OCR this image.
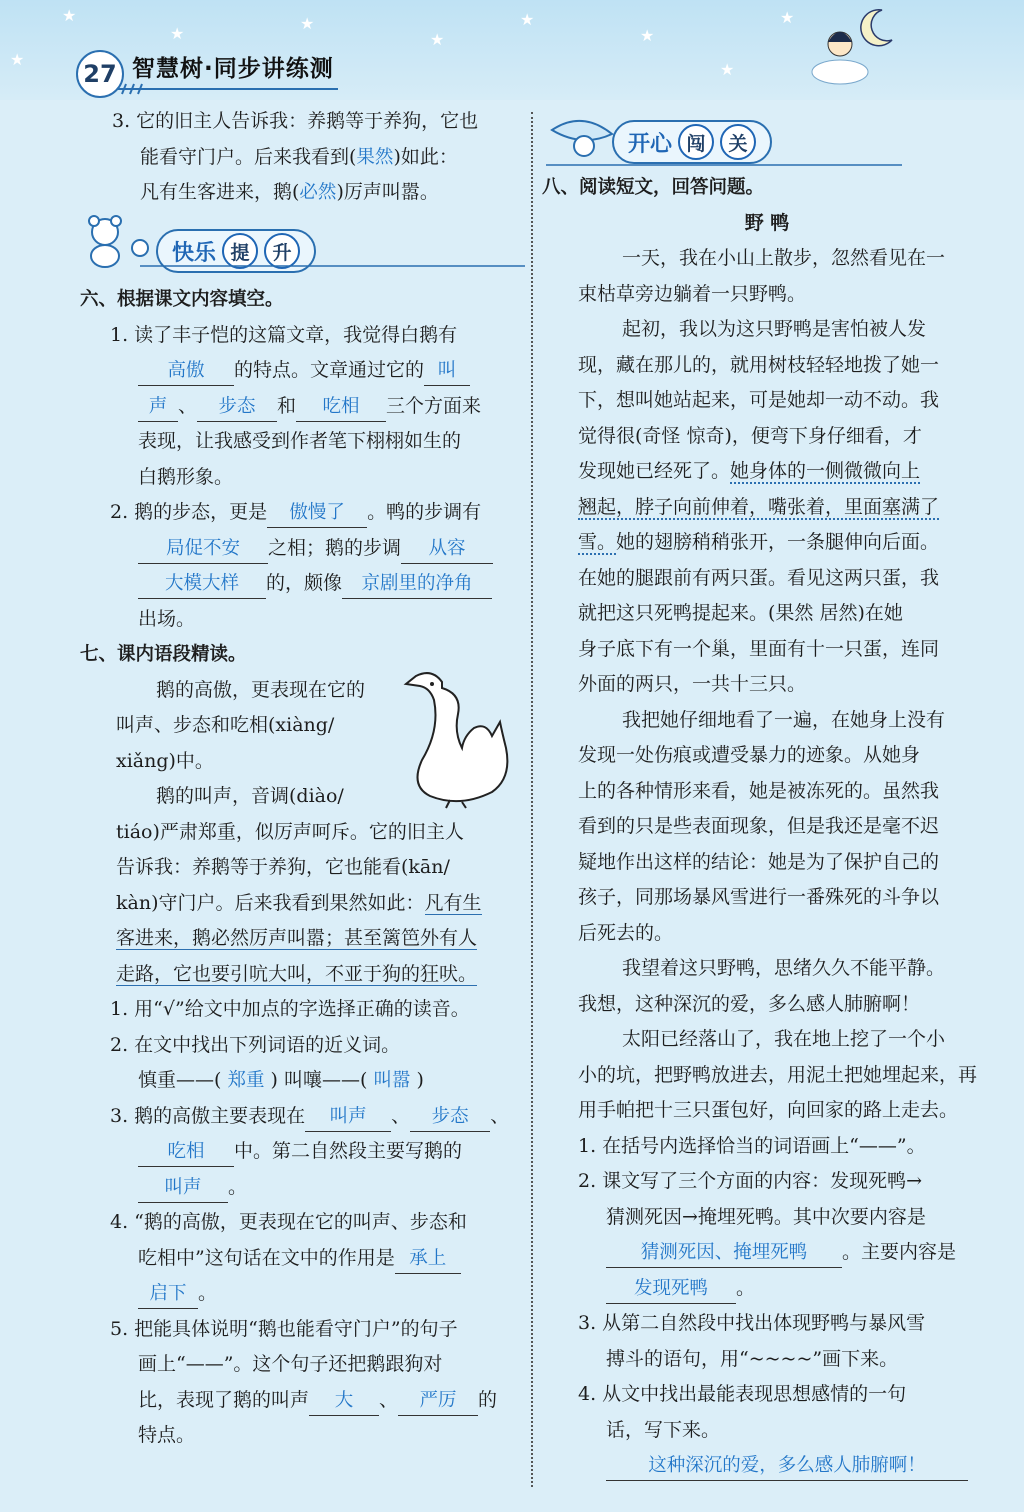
★
★
★
★
★
★
★
★
★
27 智慧树·同步讲练测

3. 它的旧主人告诉我：养鹅等于养狗，它也

能看守门户。后来我看到(果然)如此：

凡有生客进来，鹅(必然)厉声叫嚣。

快乐 提	升

六、根据课文内容填空。

1. 读了丰子恺的这篇文章，我觉得白鹅有

高傲 的特点。文章通过它的 叫

声 、 步态 和 吃相 三个方面来

表现，让我感受到作者笔下栩栩如生的

白鹅形象。

2. 鹅的步态，更是 傲慢了 。鸭的步调有

局促不安 之相；鹅的步调 从容

大模大样 的，颇像 京剧里的净角

出场。

七、课内语段精读。

鹅的高傲，更表现在它的

叫声、步态和吃相(xiàng/

xiǎng)中。

鹅的叫声，音调(diào/

tiáo)严肃郑重，似厉声呵斥。它的旧主人

告诉我：养鹅等于养狗，它也能看(kān/

kàn)守门户。后来我看到果然如此：凡有生

客进来，鹅必然厉声叫嚣；甚至篱笆外有人

走路，它也要引吭大叫，不亚于狗的狂吠。

1. 用“√”给文中加点的字选择正确的读音。

2. 在文中找出下列词语的近义词。

慎重——( 郑重 ) 叫嚷——( 叫嚣 )

3. 鹅的高傲主要表现在 叫声 、 步态 、

吃相 中。第二自然段主要写鹅的

叫声 。

4. “鹅的高傲，更表现在它的叫声、步态和

吃相中”这句话在文中的作用是 承上

启下 。

5. 把能具体说明“鹅也能看守门户”的句子

画上“——”。这个句子还把鹅跟狗对

比，表现了鹅的叫声 大 、 严厉 的

特点。

开心 闯	关

八、阅读短文，回答问题。

野 鸭

一天，我在小山上散步，忽然看见在一

束枯草旁边躺着一只野鸭。

起初，我以为这只野鸭是害怕被人发

现，藏在那儿的，就用树枝轻轻地拨了她一

下，想叫她站起来，可是她却一动不动。我

觉得很(奇怪 惊奇)，便弯下身仔细看，才

发现她已经死了。她身体的一侧微微向上

翘起，脖子向前伸着，嘴张着，里面塞满了

雪。她的翅膀稍稍张开，一条腿伸向后面。

在她的腿跟前有两只蛋。看见这两只蛋，我

就把这只死鸭提起来。(果然 居然)在她

身子底下有一个巢，里面有十一只蛋，连同

外面的两只，一共十三只。

我把她仔细地看了一遍，在她身上没有

发现一处伤痕或遭受暴力的迹象。从她身

上的各种情形来看，她是被冻死的。虽然我

看到的只是些表面现象，但是我还是毫不迟

疑地作出这样的结论：她是为了保护自己的

孩子，同那场暴风雪进行一番殊死的斗争以

后死去的。

我望着这只野鸭，思绪久久不能平静。

我想，这种深沉的爱，多么感人肺腑啊！

太阳已经落山了，我在地上挖了一个小

小的坑，把野鸭放进去，用泥土把她埋起来，再

用手帕把十三只蛋包好，向回家的路上走去。

1. 在括号内选择恰当的词语画上“——”。

2. 课文写了三个方面的内容：发现死鸭→

猜测死因→掩埋死鸭。其中次要内容是

猜测死因、掩埋死鸭 。主要内容是

发现死鸭 。

3. 从第二自然段中找出体现野鸭与暴风雪

搏斗的语句，用“~~~~”画下来。

4. 从文中找出最能表现思想感情的一句

话，写下来。

这种深沉的爱，多么感人肺腑啊！
